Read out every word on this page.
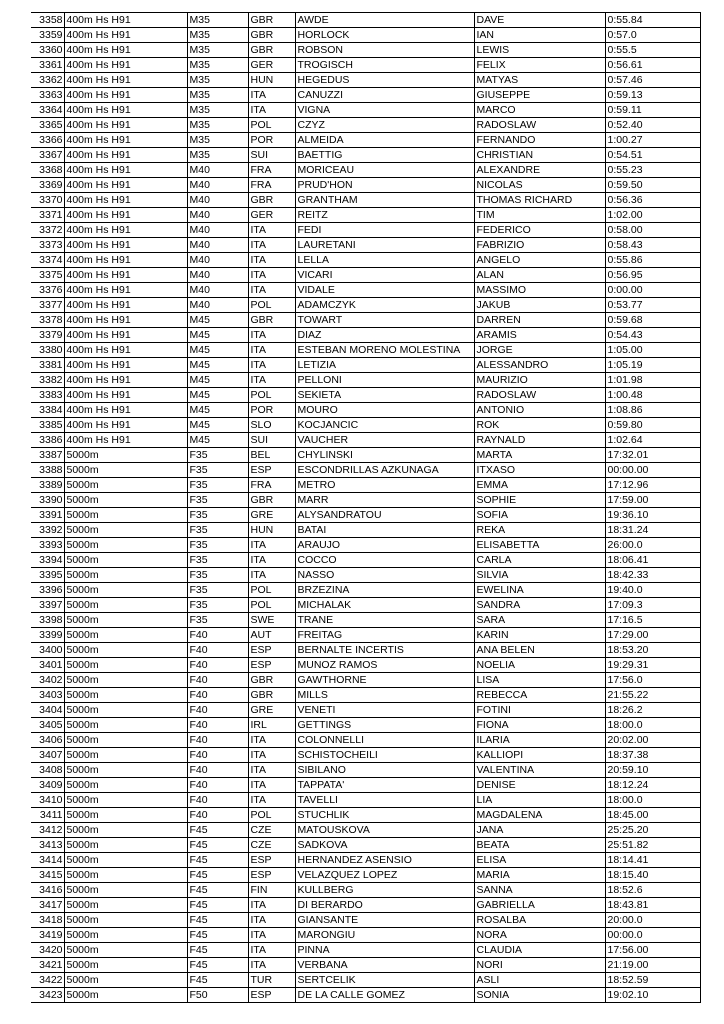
3358	400m Hs H91	M35	GBR	AWDE	DAVE	0:55.84
3359	400m Hs H91	M35	GBR	HORLOCK	IAN	0:57.0
3360	400m Hs H91	M35	GBR	ROBSON	LEWIS	0:55.5
3361	400m Hs H91	M35	GER	TROGISCH	FELIX	0:56.61
3362	400m Hs H91	M35	HUN	HEGEDUS	MATYAS	0:57.46
3363	400m Hs H91	M35	ITA	CANUZZI	GIUSEPPE	0:59.13
3364	400m Hs H91	M35	ITA	VIGNA	MARCO	0:59.11
3365	400m Hs H91	M35	POL	CZYZ	RADOSLAW	0:52.40
3366	400m Hs H91	M35	POR	ALMEIDA	FERNANDO	1:00.27
3367	400m Hs H91	M35	SUI	BAETTIG	CHRISTIAN	0:54.51
3368	400m Hs H91	M40	FRA	MORICEAU	ALEXANDRE	0:55.23
3369	400m Hs H91	M40	FRA	PRUD'HON	NICOLAS	0:59.50
3370	400m Hs H91	M40	GBR	GRANTHAM	THOMAS RICHARD	0:56.36
3371	400m Hs H91	M40	GER	REITZ	TIM	1:02.00
3372	400m Hs H91	M40	ITA	FEDI	FEDERICO	0:58.00
3373	400m Hs H91	M40	ITA	LAURETANI	FABRIZIO	0:58.43
3374	400m Hs H91	M40	ITA	LELLA	ANGELO	0:55.86
3375	400m Hs H91	M40	ITA	VICARI	ALAN	0:56.95
3376	400m Hs H91	M40	ITA	VIDALE	MASSIMO	0:00.00
3377	400m Hs H91	M40	POL	ADAMCZYK	JAKUB	0:53.77
3378	400m Hs H91	M45	GBR	TOWART	DARREN	0:59.68
3379	400m Hs H91	M45	ITA	DIAZ	ARAMIS	0:54.43
3380	400m Hs H91	M45	ITA	ESTEBAN MORENO MOLESTINA	JORGE	1:05.00
3381	400m Hs H91	M45	ITA	LETIZIA	ALESSANDRO	1:05.19
3382	400m Hs H91	M45	ITA	PELLONI	MAURIZIO	1:01.98
3383	400m Hs H91	M45	POL	SEKIETA	RADOSLAW	1:00.48
3384	400m Hs H91	M45	POR	MOURO	ANTONIO	1:08.86
3385	400m Hs H91	M45	SLO	KOCJANCIC	ROK	0:59.80
3386	400m Hs H91	M45	SUI	VAUCHER	RAYNALD	1:02.64
3387	5000m	F35	BEL	CHYLINSKI	MARTA	17:32.01
3388	5000m	F35	ESP	ESCONDRILLAS AZKUNAGA	ITXASO	00:00.00
3389	5000m	F35	FRA	METRO	EMMA	17:12.96
3390	5000m	F35	GBR	MARR	SOPHIE	17:59.00
3391	5000m	F35	GRE	ALYSANDRATOU	SOFIA	19:36.10
3392	5000m	F35	HUN	BATAI	REKA	18:31.24
3393	5000m	F35	ITA	ARAUJO	ELISABETTA	26:00.0
3394	5000m	F35	ITA	COCCO	CARLA	18:06.41
3395	5000m	F35	ITA	NASSO	SILVIA	18:42.33
3396	5000m	F35	POL	BRZEZINA	EWELINA	19:40.0
3397	5000m	F35	POL	MICHALAK	SANDRA	17:09.3
3398	5000m	F35	SWE	TRANE	SARA	17:16.5
3399	5000m	F40	AUT	FREITAG	KARIN	17:29.00
3400	5000m	F40	ESP	BERNALTE INCERTIS	ANA BELEN	18:53.20
3401	5000m	F40	ESP	MUNOZ RAMOS	NOELIA	19:29.31
3402	5000m	F40	GBR	GAWTHORNE	LISA	17:56.0
3403	5000m	F40	GBR	MILLS	REBECCA	21:55.22
3404	5000m	F40	GRE	VENETI	FOTINI	18:26.2
3405	5000m	F40	IRL	GETTINGS	FIONA	18:00.0
3406	5000m	F40	ITA	COLONNELLI	ILARIA	20:02.00
3407	5000m	F40	ITA	SCHISTOCHEILI	KALLIOPI	18:37.38
3408	5000m	F40	ITA	SIBILANO	VALENTINA	20:59.10
3409	5000m	F40	ITA	TAPPATA'	DENISE	18:12.24
3410	5000m	F40	ITA	TAVELLI	LIA	18:00.0
3411	5000m	F40	POL	STUCHLIK	MAGDALENA	18:45.00
3412	5000m	F45	CZE	MATOUSKOVA	JANA	25:25.20
3413	5000m	F45	CZE	SADKOVA	BEATA	25:51.82
3414	5000m	F45	ESP	HERNANDEZ ASENSIO	ELISA	18:14.41
3415	5000m	F45	ESP	VELAZQUEZ LOPEZ	MARIA	18:15.40
3416	5000m	F45	FIN	KULLBERG	SANNA	18:52.6
3417	5000m	F45	ITA	DI BERARDO	GABRIELLA	18:43.81
3418	5000m	F45	ITA	GIANSANTE	ROSALBA	20:00.0
3419	5000m	F45	ITA	MARONGIU	NORA	00:00.0
3420	5000m	F45	ITA	PINNA	CLAUDIA	17:56.00
3421	5000m	F45	ITA	VERBANA	NORI	21:19.00
3422	5000m	F45	TUR	SERTCELIK	ASLI	18:52.59
3423	5000m	F50	ESP	DE LA CALLE GOMEZ	SONIA	19:02.10
